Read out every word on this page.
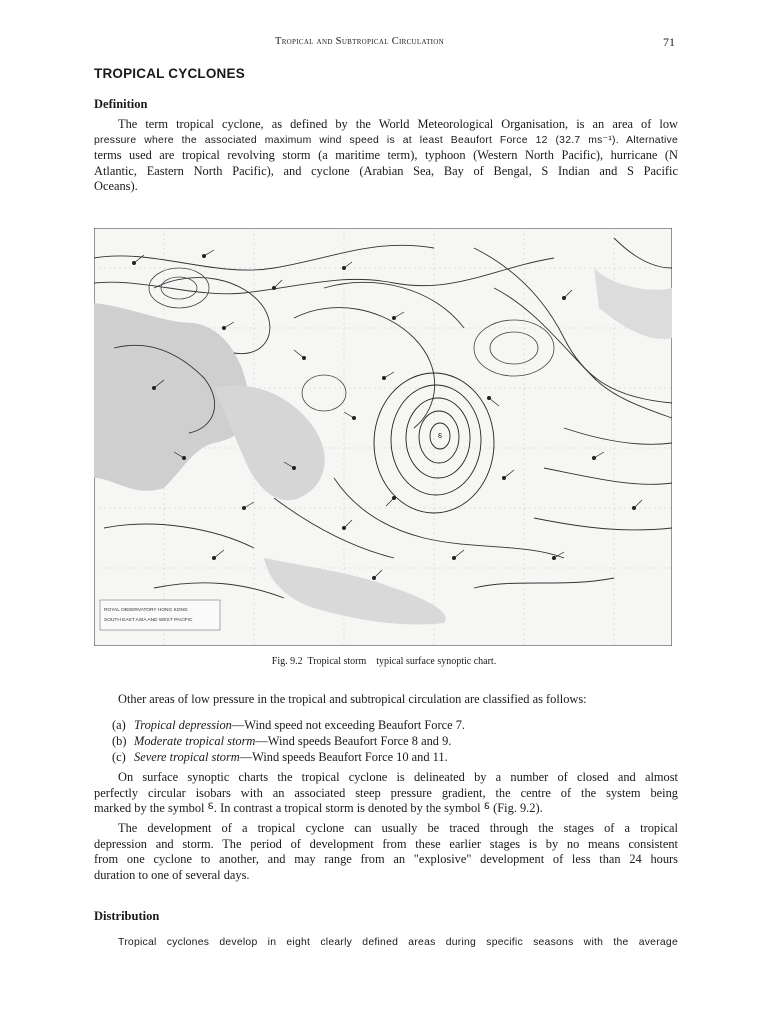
Tropical and Subtropical Circulation	71
TROPICAL CYCLONES
Definition
The term tropical cyclone, as defined by the World Meteorological Organisation, is an area of low
pressure where the associated maximum wind speed is at least Beaufort Force 12 (32.7 ms⁻¹). Alternative
terms used are tropical revolving storm (a maritime term), typhoon (Western North Pacific), hurricane (N
Atlantic, Eastern North Pacific), and cyclone (Arabian Sea, Bay of Bengal, S Indian and S Pacific
Oceans).
⸹
ROYAL OBSERVATORY HONG KONG
SOUTH EAST ASIA AND WEST PACIFIC
Fig. 9.2 Tropical storm    typical surface synoptic chart.
Other areas of low pressure in the tropical and subtropical circulation are classified as follows:
(a) Tropical depression—Wind speed not exceeding Beaufort Force 7.
(b) Moderate tropical storm—Wind speeds Beaufort Force 8 and 9.
(c) Severe tropical storm—Wind speeds Beaufort Force 10 and 11.
On surface synoptic charts the tropical cyclone is delineated by a number of closed and almost
perfectly circular isobars with an associated steep pressure gradient, the centre of the system being
marked by the symbol ⸹. In contrast a tropical storm is denoted by the symbol ⸹ (Fig. 9.2).
The development of a tropical cyclone can usually be traced through the stages of a tropical
depression and storm. The period of development from these earlier stages is by no means consistent
from one cyclone to another, and may range from an "explosive" development of less than 24 hours
duration to one of several days.
Distribution
Tropical cyclones develop in eight clearly defined areas during specific seasons with the average
